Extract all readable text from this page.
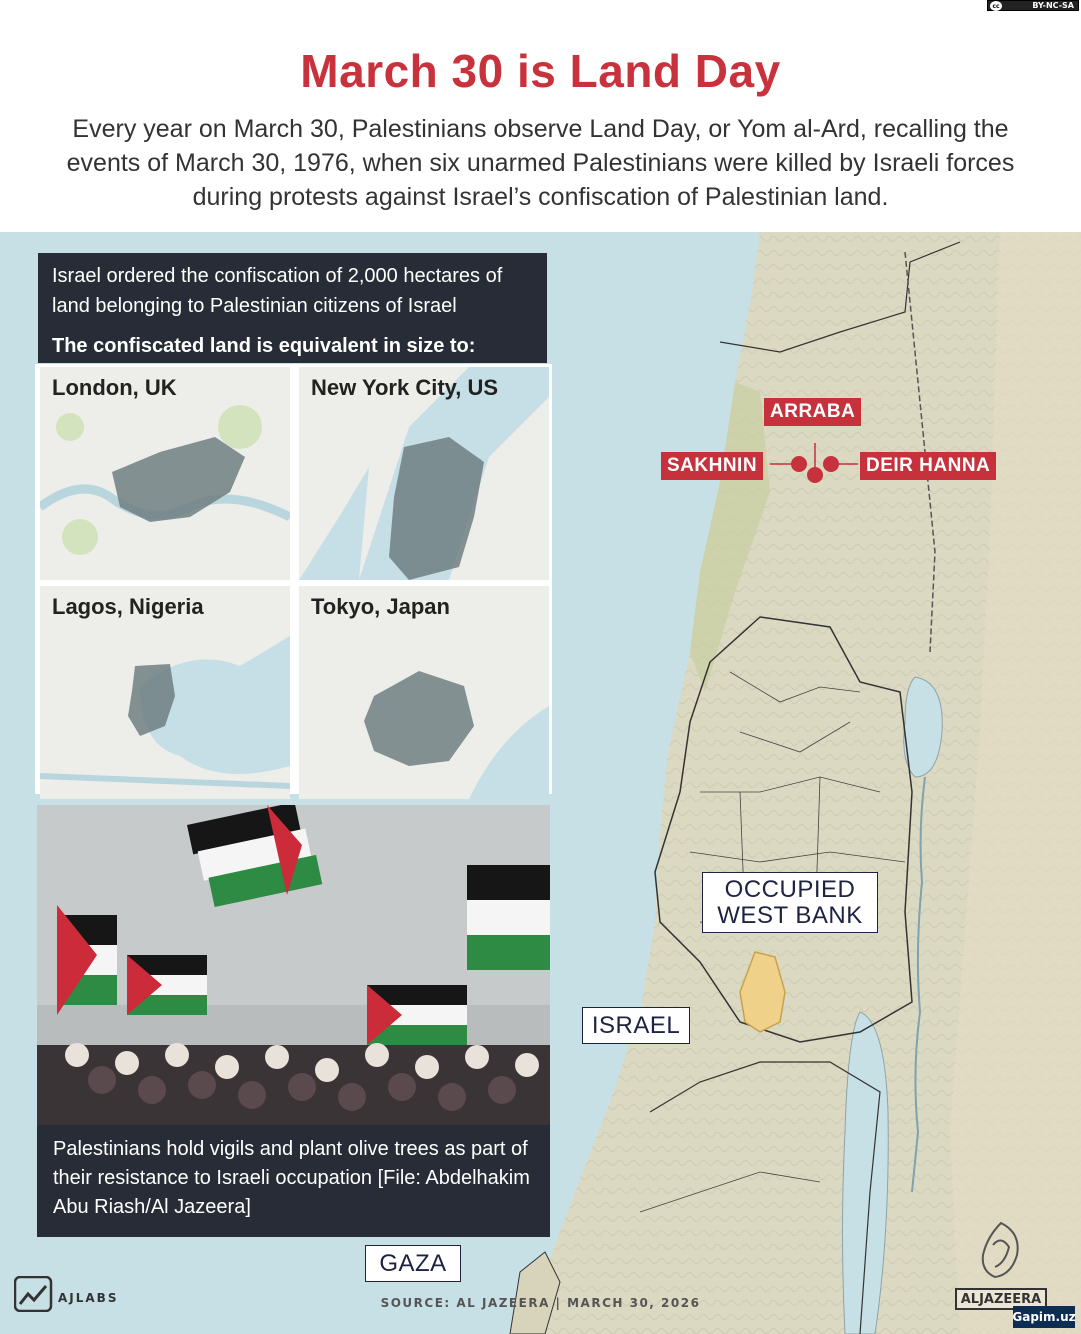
cc	BY-NC-SA
March 30 is Land Day
Every year on March 30, Palestinians observe Land Day, or Yom al-Ard, recalling the events of March 30, 1976, when six unarmed Palestinians were killed by Israeli forces during protests against Israel’s confiscation of Palestinian land.
ARRABA
SAKHNIN	DEIR HANNA
OCCUPIED
WEST BANK
ISRAEL
GAZA
Israel ordered the confiscation of 2,000 hectares of land belonging to Palestinian citizens of Israel
The confiscated land is equivalent in size to:
London, UK	New York City, US
Lagos, Nigeria	Tokyo, Japan
Palestinians hold vigils and plant olive trees as part of their resistance to Israeli occupation [File: Abdelhakim Abu Riash/Al Jazeera]
AJLABS	SOURCE: AL JAZEERA | MARCH 30, 2026	ALJAZEERA
Gapim.uz
